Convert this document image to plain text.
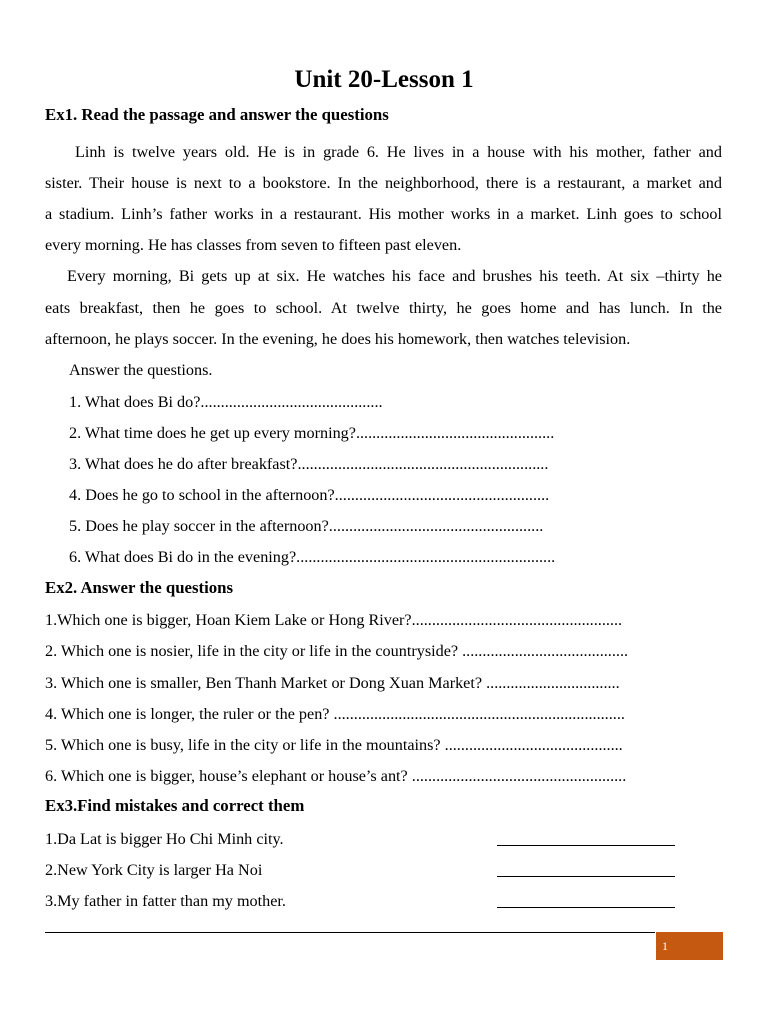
Unit 20-Lesson 1
Ex1. Read the passage and answer the questions
Linh is twelve years old. He is in grade 6. He lives in a house with his mother, father and
sister. Their house is next to a bookstore. In the neighborhood, there is a restaurant, a market and
a stadium. Linh’s father works in a restaurant. His mother works in a market. Linh goes to school
every morning. He has classes from seven to fifteen past eleven.
Every morning, Bi gets up at six. He watches his face and brushes his teeth. At six –thirty he
eats breakfast, then he goes to school. At twelve thirty, he goes home and has lunch. In the
afternoon, he plays soccer. In the evening, he does his homework, then watches television.
Answer the questions.
1. What does Bi do?.............................................
2. What time does he get up every morning?.................................................
3. What does he do after breakfast?..............................................................
4. Does he go to school in the afternoon?.....................................................
5. Does he play soccer in the afternoon?.....................................................
6. What does Bi do in the evening?................................................................
Ex2. Answer the questions
1.Which one is bigger, Hoan Kiem Lake or Hong River?....................................................
2. Which one is nosier, life in the city or life in the countryside? .........................................
3. Which one is smaller, Ben Thanh Market or Dong Xuan Market? .................................
4. Which one is longer, the ruler or the pen? ........................................................................
5. Which one is busy, life in the city or life in the mountains? ............................................
6. Which one is bigger, house’s elephant or house’s ant? .....................................................
Ex3.Find mistakes and correct them
1.Da Lat is bigger Ho Chi Minh city.
2.New York City is larger Ha Noi
3.My father in fatter than my mother.
1
